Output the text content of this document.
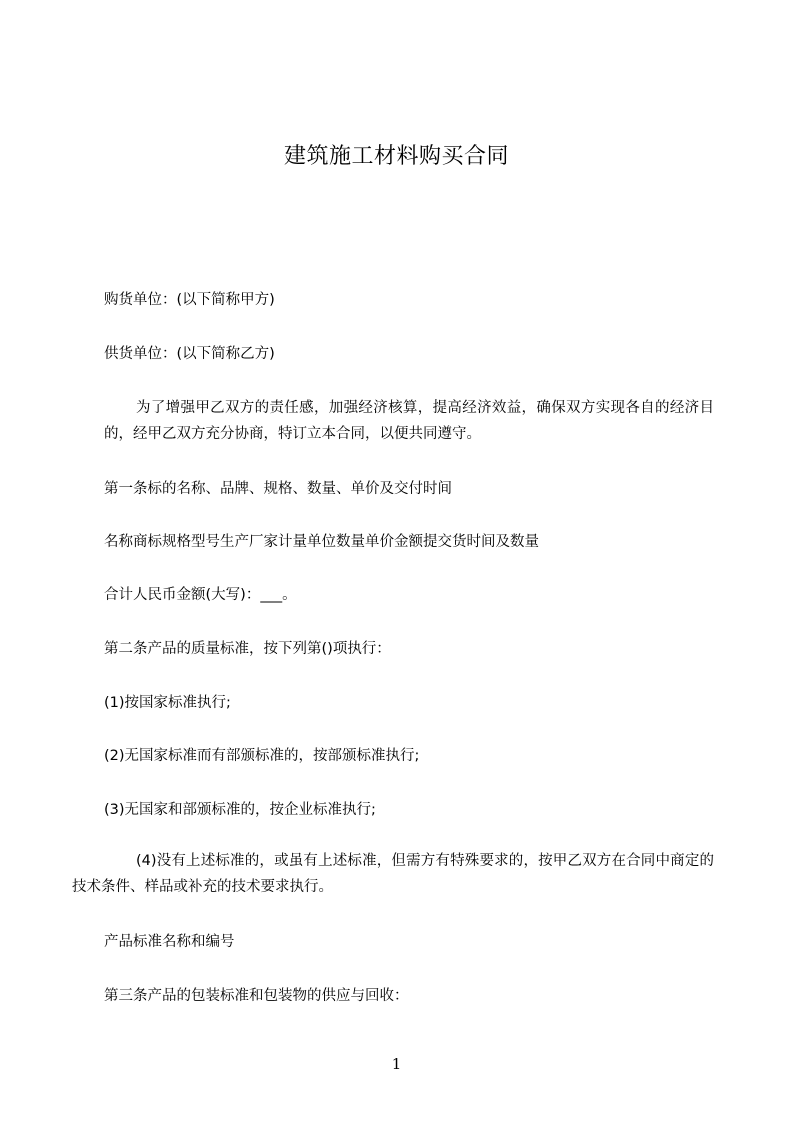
建筑施工材料购买合同
购货单位：(以下简称甲方)
供货单位：(以下简称乙方)
为了增强甲乙双方的责任感，加强经济核算，提高经济效益，确保双方实现各自的经济目的，经甲乙双方充分协商，特订立本合同，以便共同遵守。
第一条标的名称、品牌、规格、数量、单价及交付时间
名称商标规格型号生产厂家计量单位数量单价金额提交货时间及数量
合计人民币金额(大写)：___。
第二条产品的质量标准，按下列第()项执行：
(1)按国家标准执行;
(2)无国家标准而有部颁标准的，按部颁标准执行;
(3)无国家和部颁标准的，按企业标准执行;
(4)没有上述标准的，或虽有上述标准，但需方有特殊要求的，按甲乙双方在合同中商定的技术条件、样品或补充的技术要求执行。
产品标准名称和编号
第三条产品的包装标准和包装物的供应与回收：
1
